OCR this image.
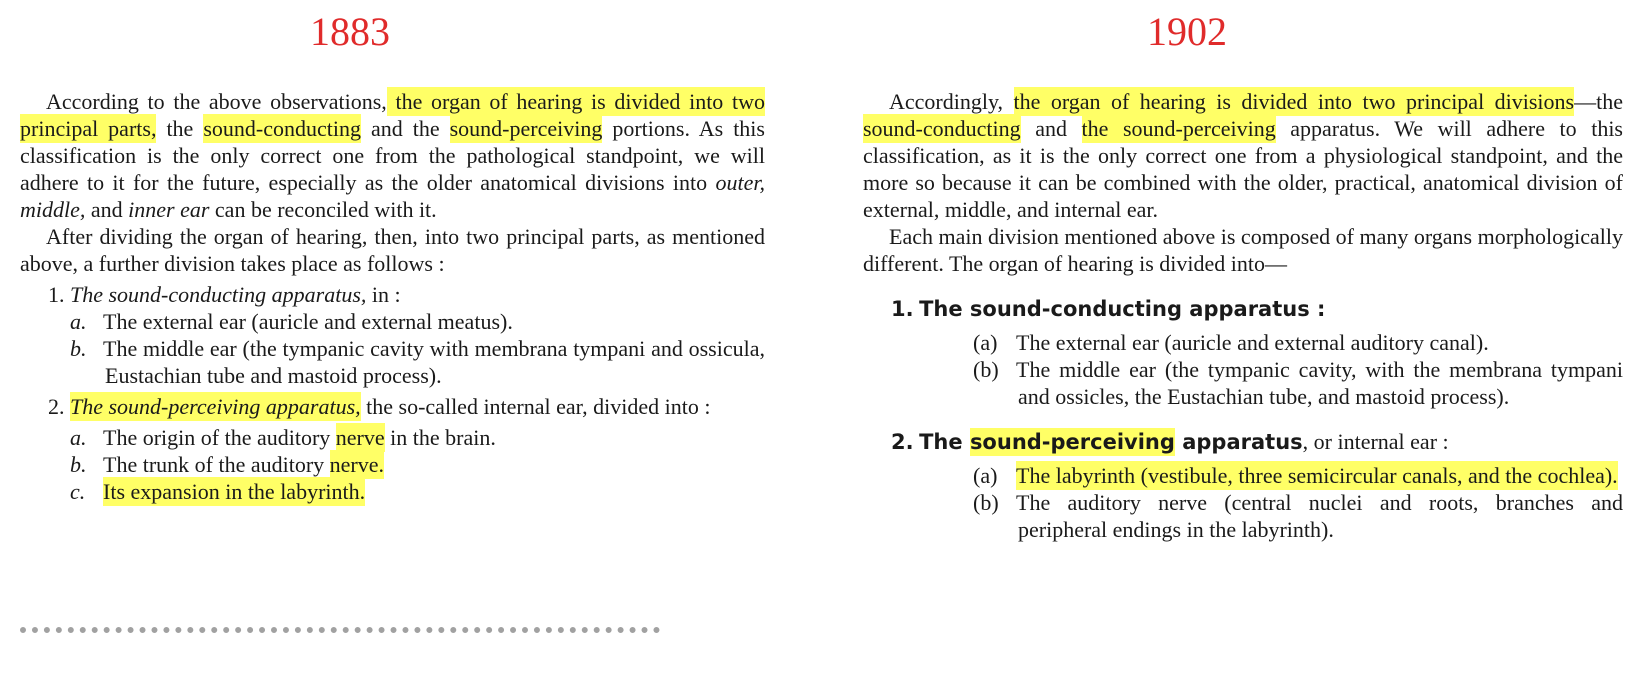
1883	1902

According to the above observations, the organ of hearing is divided into two principal parts, the sound-conducting and the sound-perceiving portions. As this classification is the only correct one from the pathological standpoint, we will adhere to it for the future, especially as the older anatomical divisions into outer, middle, and inner ear can be reconciled with it.

After dividing the organ of hearing, then, into two principal parts, as mentioned above, a further division takes place as follows :

1. The sound-conducting apparatus, in :
a. The external ear (auricle and external meatus).
b. The middle ear (the tympanic cavity with membrana tympani and ossicula, Eustachian tube and mastoid process).
2. The sound-perceiving apparatus, the so-called internal ear, divided into :
a. The origin of the auditory nerve in the brain.
b. The trunk of the auditory nerve.
c. Its expansion in the labyrinth.

Accordingly, the organ of hearing is divided into two principal divisions—the sound-conducting and the sound-perceiving apparatus. We will adhere to this classification, as it is the only correct one from a physiological standpoint, and the more so because it can be combined with the older, practical, anatomical division of external, middle, and internal ear.

Each main division mentioned above is composed of many organs morphologically different. The organ of hearing is divided into—

1. The sound-conducting apparatus :
(a) The external ear (auricle and external auditory canal).
(b) The middle ear (the tympanic cavity, with the membrana tympani and ossicles, the Eustachian tube, and mastoid process).
2. The sound-perceiving apparatus, or internal ear :
(a) The labyrinth (vestibule, three semicircular canals, and the cochlea).
(b) The auditory nerve (central nuclei and roots, branches and peripheral endings in the labyrinth).
